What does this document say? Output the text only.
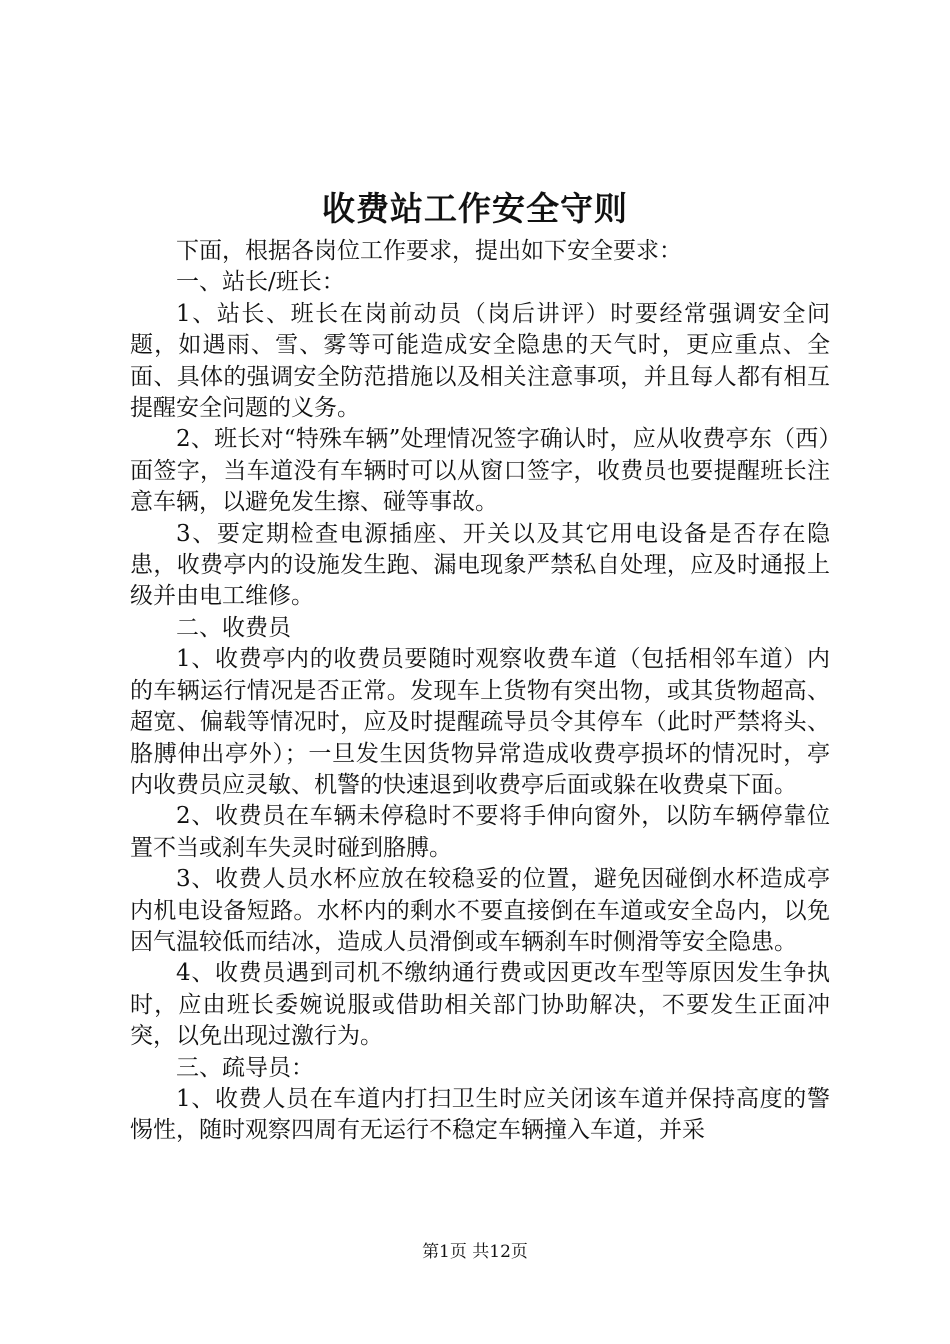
收费站工作安全守则

下面，根据各岗位工作要求，提出如下安全要求：

一、站长/班长：

1、站长、班长在岗前动员（岗后讲评）时要经常强调安全问题，如遇雨、雪、雾等可能造成安全隐患的天气时，更应重点、全面、具体的强调安全防范措施以及相关注意事项，并且每人都有相互提醒安全问题的义务。

2、班长对“特殊车辆”处理情况签字确认时，应从收费亭东（西）面签字，当车道没有车辆时可以从窗口签字，收费员也要提醒班长注意车辆，以避免发生擦、碰等事故。

3、要定期检查电源插座、开关以及其它用电设备是否存在隐患，收费亭内的设施发生跑、漏电现象严禁私自处理，应及时通报上级并由电工维修。

二、收费员

1、收费亭内的收费员要随时观察收费车道（包括相邻车道）内的车辆运行情况是否正常。发现车上货物有突出物，或其货物超高、超宽、偏载等情况时，应及时提醒疏导员令其停车（此时严禁将头、胳膊伸出亭外）；一旦发生因货物异常造成收费亭损坏的情况时，亭内收费员应灵敏、机警的快速退到收费亭后面或躲在收费桌下面。

2、收费员在车辆未停稳时不要将手伸向窗外，以防车辆停靠位置不当或刹车失灵时碰到胳膊。

3、收费人员水杯应放在较稳妥的位置，避免因碰倒水杯造成亭内机电设备短路。水杯内的剩水不要直接倒在车道或安全岛内，以免因气温较低而结冰，造成人员滑倒或车辆刹车时侧滑等安全隐患。

4、收费员遇到司机不缴纳通行费或因更改车型等原因发生争执时，应由班长委婉说服或借助相关部门协助解决，不要发生正面冲突，以免出现过激行为。

三、疏导员：

1、收费人员在车道内打扫卫生时应关闭该车道并保持高度的警惕性，随时观察四周有无运行不稳定车辆撞入车道，并采

第1页 共12页
